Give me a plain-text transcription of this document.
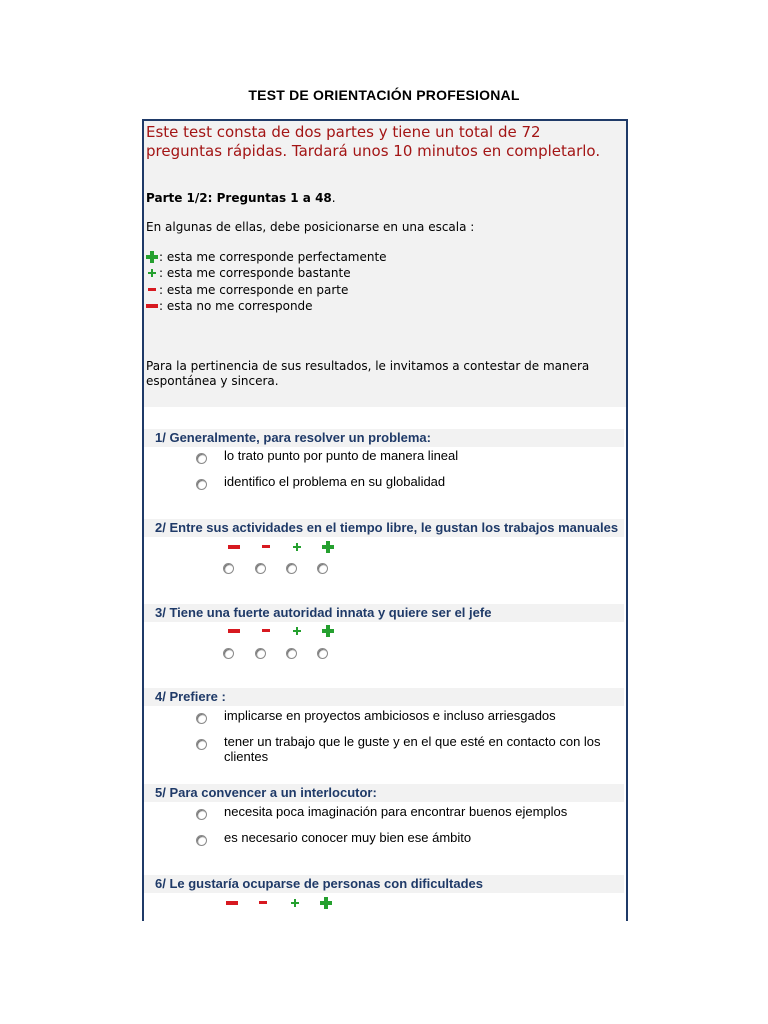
TEST DE ORIENTACIÓN PROFESIONAL
Este test consta de dos partes y tiene un total de 72 preguntas rápidas. Tardará unos 10 minutos en completarlo.
Parte 1/2: Preguntas 1 a 48.
En algunas de ellas, debe posicionarse en una escala :
: esta me corresponde perfectamente
: esta me corresponde bastante
: esta me corresponde en parte
: esta no me corresponde
Para la pertinencia de sus resultados, le invitamos a contestar de manera espontánea y sincera.
1/ Generalmente, para resolver un problema:
lo trato punto por punto de manera lineal
identifico el problema en su globalidad
2/ Entre sus actividades en el tiempo libre, le gustan los trabajos manuales
3/ Tiene una fuerte autoridad innata y quiere ser el jefe
4/ Prefiere :
implicarse en proyectos ambiciosos e incluso arriesgados
tener un trabajo que le guste y en el que esté en contacto con los clientes
5/ Para convencer a un interlocutor:
necesita poca imaginación para encontrar buenos ejemplos
es necesario conocer muy bien ese ámbito
6/ Le gustaría ocuparse de personas con dificultades
